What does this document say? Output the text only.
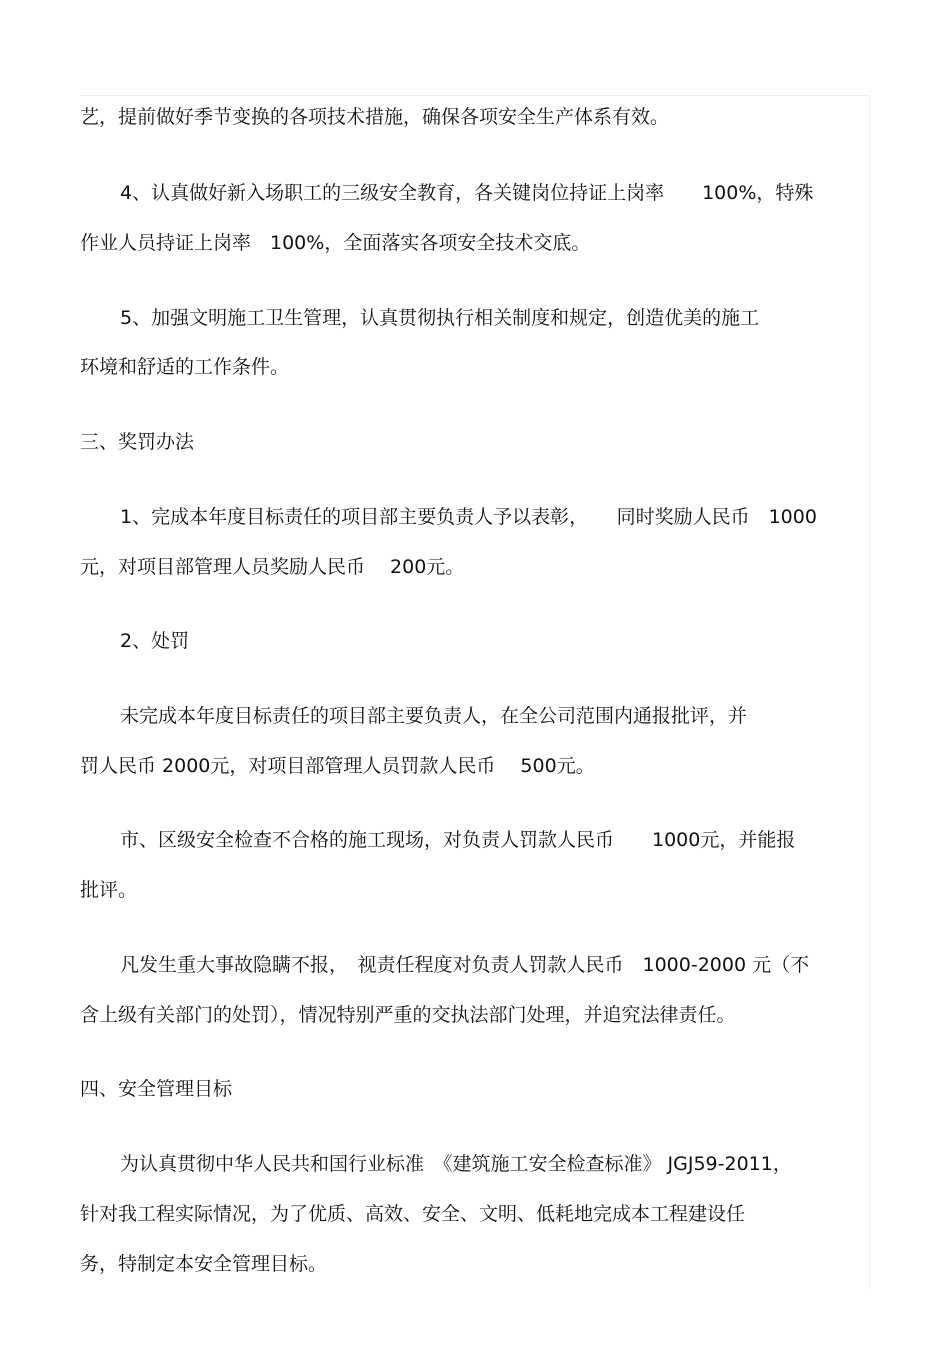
艺，提前做好季节变换的各项技术措施，确保各项安全生产体系有效。

4、认真做好新入场职工的三级安全教育，各关键岗位持证上岗率　　100%，特殊

作业人员持证上岗率　100%，全面落实各项安全技术交底。

5、加强文明施工卫生管理，认真贯彻执行相关制度和规定，创造优美的施工

环境和舒适的工作条件。

三、奖罚办法

1、完成本年度目标责任的项目部主要负责人予以表彰，　　同时奖励人民币　1000

元，对项目部管理人员奖励人民币　 200元。

2、处罚

未完成本年度目标责任的项目部主要负责人，在全公司范围内通报批评，并

罚人民币 2000元，对项目部管理人员罚款人民币　 500元。

市、区级安全检查不合格的施工现场，对负责人罚款人民币　　1000元，并能报

批评。

凡发生重大事故隐瞒不报，　视责任程度对负责人罚款人民币　1000-2000 元（不

含上级有关部门的处罚），情况特别严重的交执法部门处理，并追究法律责任。

四、安全管理目标

为认真贯彻中华人民共和国行业标准　《建筑施工安全检查标准》 JGJ59-2011，

针对我工程实际情况，为了优质、高效、安全、文明、低耗地完成本工程建设任

务，特制定本安全管理目标。
